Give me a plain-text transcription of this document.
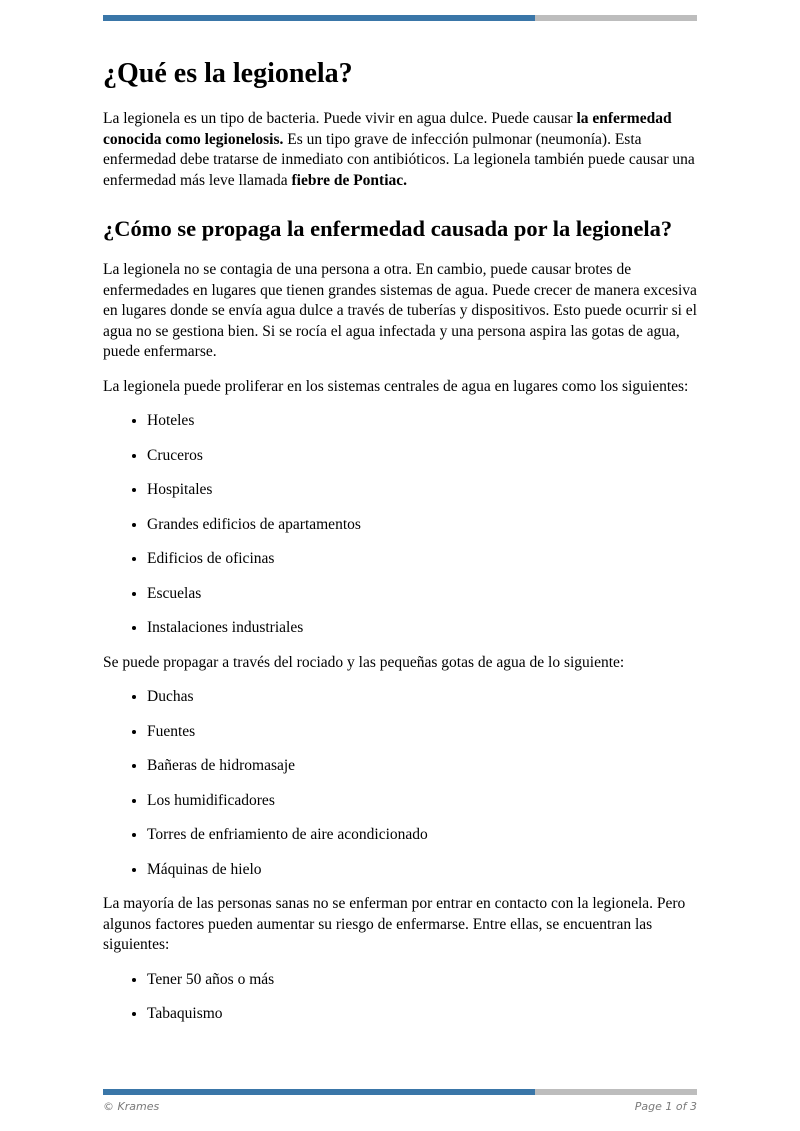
¿Qué es la legionela?

La legionela es un tipo de bacteria. Puede vivir en agua dulce. Puede causar la enfermedad conocida como legionelosis. Es un tipo grave de infección pulmonar (neumonía). Esta enfermedad debe tratarse de inmediato con antibióticos. La legionela también puede causar una enfermedad más leve llamada fiebre de Pontiac.

¿Cómo se propaga la enfermedad causada por la legionela?

La legionela no se contagia de una persona a otra. En cambio, puede causar brotes de enfermedades en lugares que tienen grandes sistemas de agua. Puede crecer de manera excesiva en lugares donde se envía agua dulce a través de tuberías y dispositivos. Esto puede ocurrir si el agua no se gestiona bien. Si se rocía el agua infectada y una persona aspira las gotas de agua, puede enfermarse.

La legionela puede proliferar en los sistemas centrales de agua en lugares como los siguientes:

• Hoteles
• Cruceros
• Hospitales
• Grandes edificios de apartamentos
• Edificios de oficinas
• Escuelas
• Instalaciones industriales

Se puede propagar a través del rociado y las pequeñas gotas de agua de lo siguiente:

• Duchas
• Fuentes
• Bañeras de hidromasaje
• Los humidificadores
• Torres de enfriamiento de aire acondicionado
• Máquinas de hielo

La mayoría de las personas sanas no se enferman por entrar en contacto con la legionela. Pero algunos factores pueden aumentar su riesgo de enfermarse. Entre ellas, se encuentran las siguientes:

• Tener 50 años o más
• Tabaquismo
© Krames	Page 1 of 3
